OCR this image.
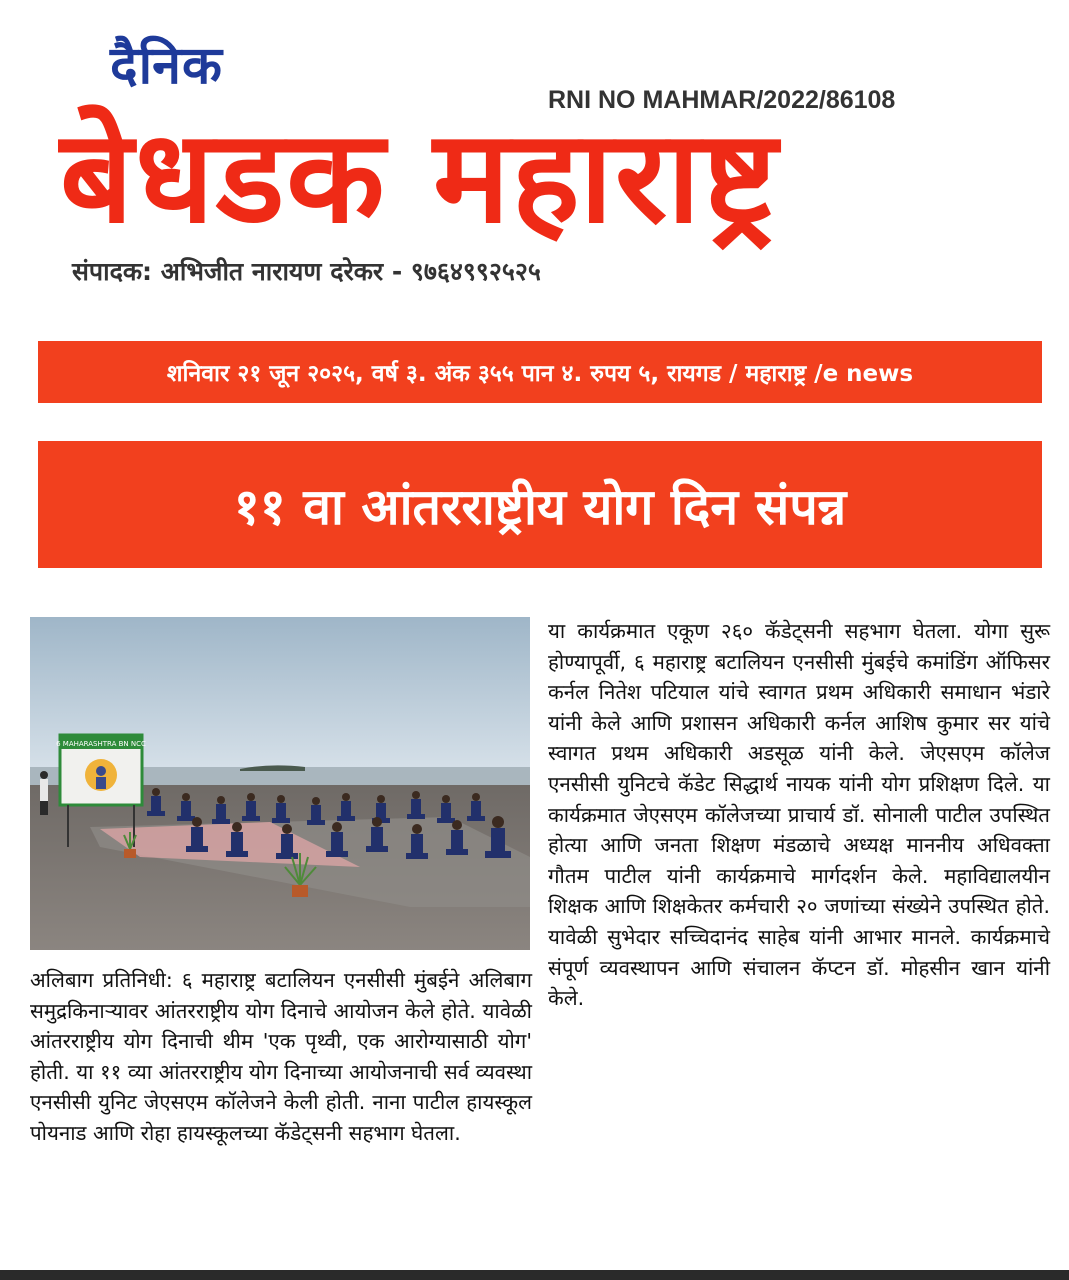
दैनिक
RNI NO MAHMAR/2022/86108
बेधडक महाराष्ट्र
संपादक: अभिजीत नारायण दरेकर - ९७६४९९२५२५
शनिवार २१ जून २०२५, वर्ष ३. अंक ३५५ पान ४. रुपय ५, रायगड / महाराष्ट्र /e news
११ वा आंतरराष्ट्रीय योग दिन संपन्न
6 MAHARASHTRA BN NCC

अलिबाग प्रतिनिधी: ६ महाराष्ट्र बटालियन एनसीसी मुंबईने अलिबाग समुद्रकिनाऱ्यावर आंतरराष्ट्रीय योग दिनाचे आयोजन केले होते. यावेळी आंतरराष्ट्रीय योग दिनाची थीम 'एक पृथ्वी, एक आरोग्यासाठी योग' होती. या ११ व्या आंतरराष्ट्रीय योग दिनाच्या आयोजनाची सर्व व्यवस्था एनसीसी युनिट जेएसएम कॉलेजने केली होती. नाना पाटील हायस्कूल पोयनाड आणि रोहा हायस्कूलच्या कॅडेट्सनी सहभाग घेतला.

या कार्यक्रमात एकूण २६० कॅडेट्सनी सहभाग घेतला. योगा सुरू होण्यापूर्वी, ६ महाराष्ट्र बटालियन एनसीसी मुंबईचे कमांडिंग ऑफिसर कर्नल नितेश पटियाल यांचे स्वागत प्रथम अधिकारी समाधान भंडारे यांनी केले आणि प्रशासन अधिकारी कर्नल आशिष कुमार सर यांचे स्वागत प्रथम अधिकारी अडसूळ यांनी केले. जेएसएम कॉलेज एनसीसी युनिटचे कॅडेट सिद्धार्थ नायक यांनी योग प्रशिक्षण दिले. या कार्यक्रमात जेएसएम कॉलेजच्या प्राचार्य डॉ. सोनाली पाटील उपस्थित होत्या आणि जनता शिक्षण मंडळाचे अध्यक्ष माननीय अधिवक्ता गौतम पाटील यांनी कार्यक्रमाचे मार्गदर्शन केले. महाविद्यालयीन शिक्षक आणि शिक्षकेतर कर्मचारी २० जणांच्या संख्येने उपस्थित होते. यावेळी सुभेदार सच्चिदानंद साहेब यांनी आभार मानले. कार्यक्रमाचे संपूर्ण व्यवस्थापन आणि संचालन कॅप्टन डॉ. मोहसीन खान यांनी केले.
